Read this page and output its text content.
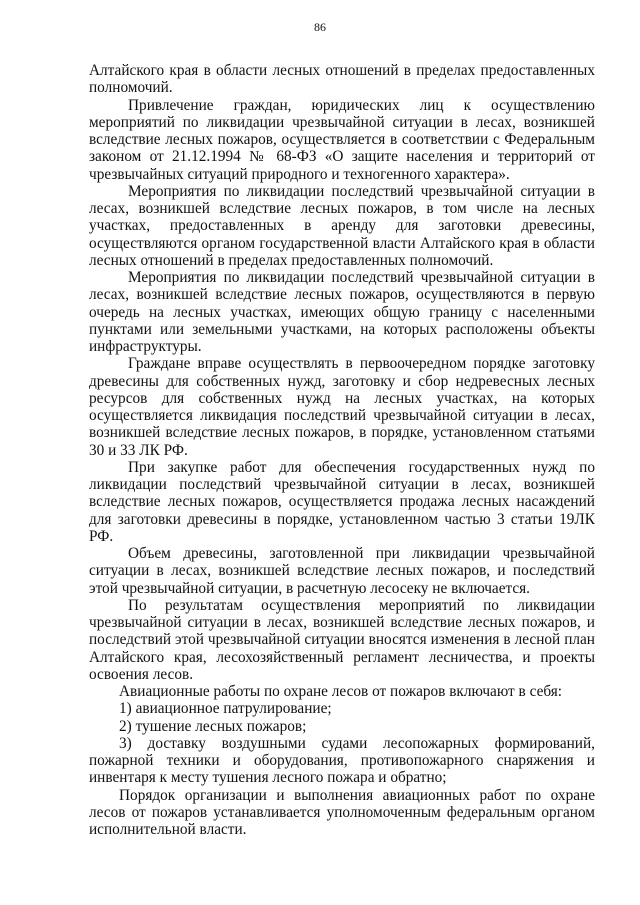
86

Алтайского края в области лесных отношений в пределах предоставленных полномочий.

Привлечение граждан, юридических лиц к осуществлению мероприятий по ликвидации чрезвычайной ситуации в лесах, возникшей вследствие лесных пожаров, осуществляется в соответствии с Федеральным законом от 21.12.1994 № 68-ФЗ «О защите населения и территорий от чрезвычайных ситуаций природного и техногенного характера».

Мероприятия по ликвидации последствий чрезвычайной ситуации в лесах, возникшей вследствие лесных пожаров, в том числе на лесных участках, предоставленных в аренду для заготовки древесины, осуществляются органом государственной власти Алтайского края в области лесных отношений в пределах предоставленных полномочий.

Мероприятия по ликвидации последствий чрезвычайной ситуации в лесах, возникшей вследствие лесных пожаров, осуществляются в первую очередь на лесных участках, имеющих общую границу с населенными пунктами или земельными участками, на которых расположены объекты инфраструктуры.

Граждане вправе осуществлять в первоочередном порядке заготовку древесины для собственных нужд, заготовку и сбор недревесных лесных ресурсов для собственных нужд на лесных участках, на которых осуществляется ликвидация последствий чрезвычайной ситуации в лесах, возникшей вследствие лесных пожаров, в порядке, установленном статьями 30 и 33 ЛК РФ.

При закупке работ для обеспечения государственных нужд по ликвидации последствий чрезвычайной ситуации в лесах, возникшей вследствие лесных пожаров, осуществляется продажа лесных насаждений для заготовки древесины в порядке, установленном частью 3 статьи 19ЛК РФ.

Объем древесины, заготовленной при ликвидации чрезвычайной ситуации в лесах, возникшей вследствие лесных пожаров, и последствий этой чрезвычайной ситуации, в расчетную лесосеку не включается.

По результатам осуществления мероприятий по ликвидации чрезвычайной ситуации в лесах, возникшей вследствие лесных пожаров, и последствий этой чрезвычайной ситуации вносятся изменения в лесной план Алтайского края, лесохозяйственный регламент лесничества, и проекты освоения лесов.

Авиационные работы по охране лесов от пожаров включают в себя:

1) авиационное патрулирование;

2) тушение лесных пожаров;

3) доставку воздушными судами лесопожарных формирований, пожарной техники и оборудования, противопожарного снаряжения и инвентаря к месту тушения лесного пожара и обратно;

Порядок организации и выполнения авиационных работ по охране лесов от пожаров устанавливается уполномоченным федеральным органом исполнительной власти.
